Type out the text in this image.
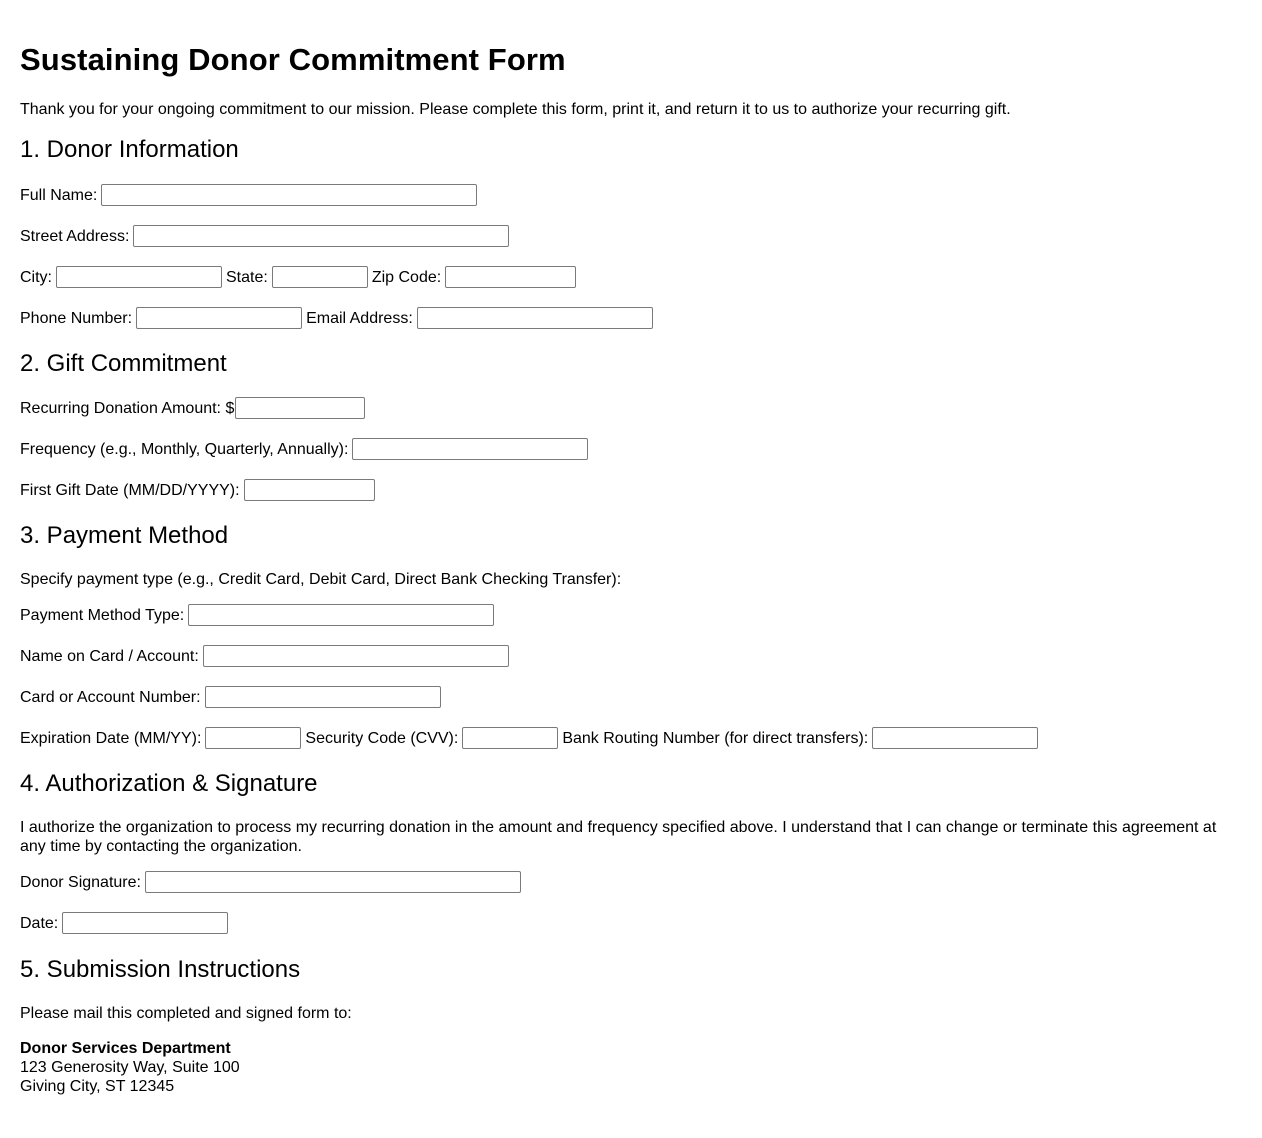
Sustaining Donor Commitment Form

Thank you for your ongoing commitment to our mission. Please complete this form, print it, and return it to us to authorize your recurring gift.

1. Donor Information
Full Name:
Street Address:
City:	State:	Zip Code:
Phone Number:	Email Address:
2. Gift Commitment
Recurring Donation Amount: $
Frequency (e.g., Monthly, Quarterly, Annually):
First Gift Date (MM/DD/YYYY):
3. Payment Method

Specify payment type (e.g., Credit Card, Debit Card, Direct Bank Checking Transfer):

Payment Method Type:
Name on Card / Account:
Card or Account Number:
Expiration Date (MM/YY):	Security Code (CVV):	Bank Routing Number (for direct transfers):
4. Authorization & Signature

I authorize the organization to process my recurring donation in the amount and frequency specified above. I understand that I can change or terminate this agreement at any time by contacting the organization.

Donor Signature:
Date:
5. Submission Instructions

Please mail this completed and signed form to:

Donor Services Department
123 Generosity Way, Suite 100
Giving City, ST 12345
